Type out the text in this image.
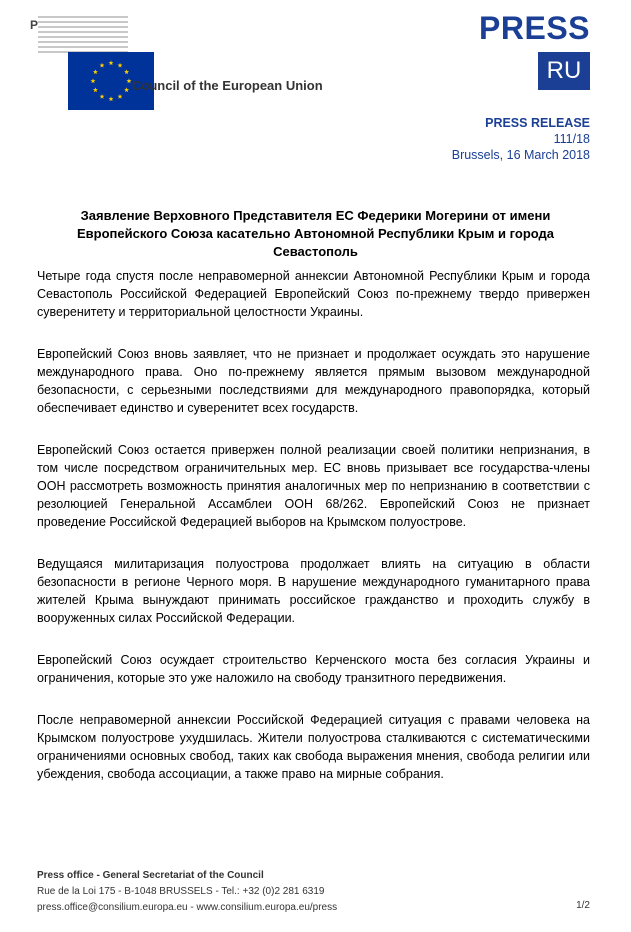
P
Council of the European Union
PRESS
RU
PRESS RELEASE
111/18
Brussels, 16 March 2018
Заявление Верховного Представителя ЕС Федерики Могерини от имени Европейского Союза касательно Автономной Республики Крым и города Севастополь

Четыре года спустя после неправомерной аннексии Автономной Республики Крым и города Севастополь Российской Федерацией Европейский Союз по-прежнему твердо привержен суверенитету и территориальной целостности Украины.

Европейский Союз вновь заявляет, что не признает и продолжает осуждать это нарушение международного права. Оно по-прежнему является прямым вызовом международной безопасности, с серьезными последствиями для международного правопорядка, который обеспечивает единство и суверенитет всех государств.

Европейский Союз остается привержен полной реализации своей политики непризнания, в том числе посредством ограничительных мер. ЕС вновь призывает все государства-члены ООН рассмотреть возможность принятия аналогичных мер по непризнанию в соответствии с резолюцией Генеральной Ассамблеи ООН 68/262. Европейский Союз не признает проведение Российской Федерацией выборов на Крымском полуострове.

Ведущаяся милитаризация полуострова продолжает влиять на ситуацию в области безопасности в регионе Черного моря. В нарушение международного гуманитарного права жителей Крыма вынуждают принимать российское гражданство и проходить службу в вооруженных силах Российской Федерации.

Европейский Союз осуждает строительство Керченского моста без согласия Украины и ограничения, которые это уже наложило на свободу транзитного передвижения.

После неправомерной аннексии Российской Федерацией ситуация с правами человека на Крымском полуострове ухудшилась. Жители полуострова сталкиваются с систематическими ограничениями основных свобод, таких как свобода выражения мнения, свобода религии или убеждения, свобода ассоциации, а также право на мирные собрания.

Press office - General Secretariat of the Council
Rue de la Loi 175 - B-1048 BRUSSELS - Tel.: +32 (0)2 281 6319
press.office@consilium.europa.eu - www.consilium.europa.eu/press	1/2
